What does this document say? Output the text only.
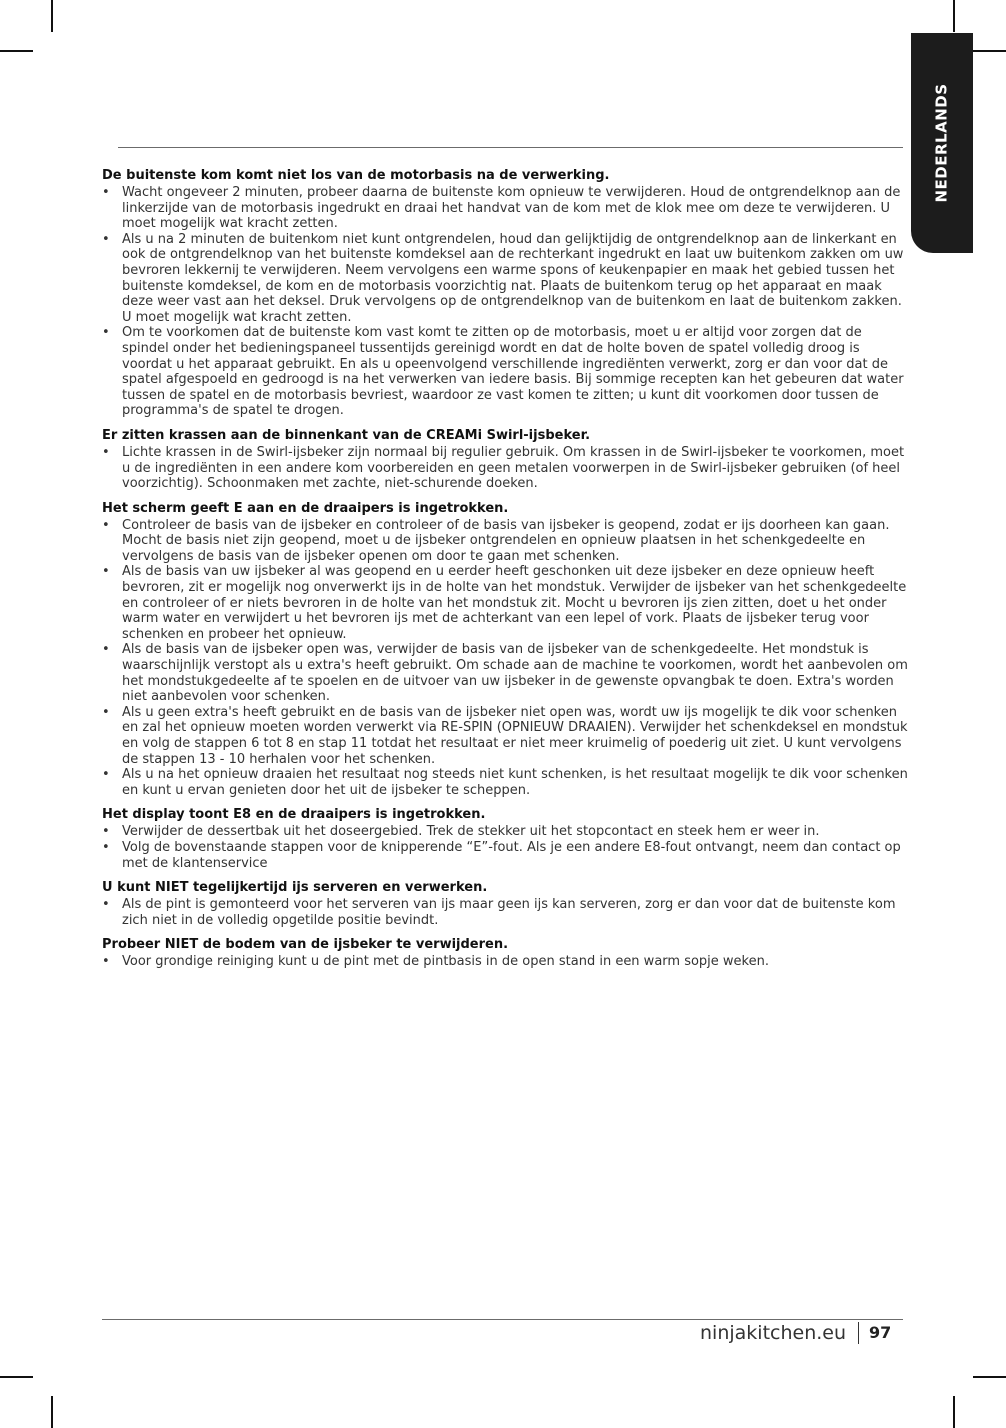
NEDERLANDS
De buitenste kom komt niet los van de motorbasis na de verwerking.
• Wacht ongeveer 2 minuten, probeer daarna de buitenste kom opnieuw te verwijderen. Houd de ontgrendelknop aan de linkerzijde van de motorbasis ingedrukt en draai het handvat van de kom met de klok mee om deze te verwijderen. U moet mogelijk wat kracht zetten.
• Als u na 2 minuten de buitenkom niet kunt ontgrendelen, houd dan gelijktijdig de ontgrendelknop aan de linkerkant en ook de ontgrendelknop van het buitenste komdeksel aan de rechterkant ingedrukt en laat uw buitenkom zakken om uw bevroren lekkernij te verwijderen. Neem vervolgens een warme spons of keukenpapier en maak het gebied tussen het buitenste komdeksel, de kom en de motorbasis voorzichtig nat. Plaats de buitenkom terug op het apparaat en maak deze weer vast aan het deksel. Druk vervolgens op de ontgrendelknop van de buitenkom en laat de buitenkom zakken. U moet mogelijk wat kracht zetten.
• Om te voorkomen dat de buitenste kom vast komt te zitten op de motorbasis, moet u er altijd voor zorgen dat de spindel onder het bedieningspaneel tussentijds gereinigd wordt en dat de holte boven de spatel volledig droog is voordat u het apparaat gebruikt. En als u opeenvolgend verschillende ingrediënten verwerkt, zorg er dan voor dat de spatel afgespoeld en gedroogd is na het verwerken van iedere basis. Bij sommige recepten kan het gebeuren dat water tussen de spatel en de motorbasis bevriest, waardoor ze vast komen te zitten; u kunt dit voorkomen door tussen de programma's de spatel te drogen.
Er zitten krassen aan de binnenkant van de CREAMi Swirl-ijsbeker.
• Lichte krassen in de Swirl-ijsbeker zijn normaal bij regulier gebruik. Om krassen in de Swirl-ijsbeker te voorkomen, moet u de ingrediënten in een andere kom voorbereiden en geen metalen voorwerpen in de Swirl-ijsbeker gebruiken (of heel voorzichtig). Schoonmaken met zachte, niet-schurende doeken.
Het scherm geeft E aan en de draaipers is ingetrokken.
• Controleer de basis van de ijsbeker en controleer of de basis van ijsbeker is geopend, zodat er ijs doorheen kan gaan. Mocht de basis niet zijn geopend, moet u de ijsbeker ontgrendelen en opnieuw plaatsen in het schenkgedeelte en vervolgens de basis van de ijsbeker openen om door te gaan met schenken.
• Als de basis van uw ijsbeker al was geopend en u eerder heeft geschonken uit deze ijsbeker en deze opnieuw heeft bevroren, zit er mogelijk nog onverwerkt ijs in de holte van het mondstuk. Verwijder de ijsbeker van het schenkgedeelte en controleer of er niets bevroren in de holte van het mondstuk zit. Mocht u bevroren ijs zien zitten, doet u het onder warm water en verwijdert u het bevroren ijs met de achterkant van een lepel of vork. Plaats de ijsbeker terug voor schenken en probeer het opnieuw.
• Als de basis van de ijsbeker open was, verwijder de basis van de ijsbeker van de schenkgedeelte. Het mondstuk is waarschijnlijk verstopt als u extra's heeft gebruikt. Om schade aan de machine te voorkomen, wordt het aanbevolen om het mondstukgedeelte af te spoelen en de uitvoer van uw ijsbeker in de gewenste opvangbak te doen. Extra's worden niet aanbevolen voor schenken.
• Als u geen extra's heeft gebruikt en de basis van de ijsbeker niet open was, wordt uw ijs mogelijk te dik voor schenken en zal het opnieuw moeten worden verwerkt via RE-SPIN (OPNIEUW DRAAIEN). Verwijder het schenkdeksel en mondstuk en volg de stappen 6 tot 8 en stap 11 totdat het resultaat er niet meer kruimelig of poederig uit ziet. U kunt vervolgens de stappen 13 - 10 herhalen voor het schenken.
• Als u na het opnieuw draaien het resultaat nog steeds niet kunt schenken, is het resultaat mogelijk te dik voor schenken en kunt u ervan genieten door het uit de ijsbeker te scheppen.
Het display toont E8 en de draaipers is ingetrokken.
• Verwijder de dessertbak uit het doseergebied. Trek de stekker uit het stopcontact en steek hem er weer in.
• Volg de bovenstaande stappen voor de knipperende “E”-fout. Als je een andere E8-fout ontvangt, neem dan contact op met de klantenservice
U kunt NIET tegelijkertijd ijs serveren en verwerken.
• Als de pint is gemonteerd voor het serveren van ijs maar geen ijs kan serveren, zorg er dan voor dat de buitenste kom zich niet in de volledig opgetilde positie bevindt.
Probeer NIET de bodem van de ijsbeker te verwijderen.
• Voor grondige reiniging kunt u de pint met de pintbasis in de open stand in een warm sopje weken.
ninjakitchen.eu 97
